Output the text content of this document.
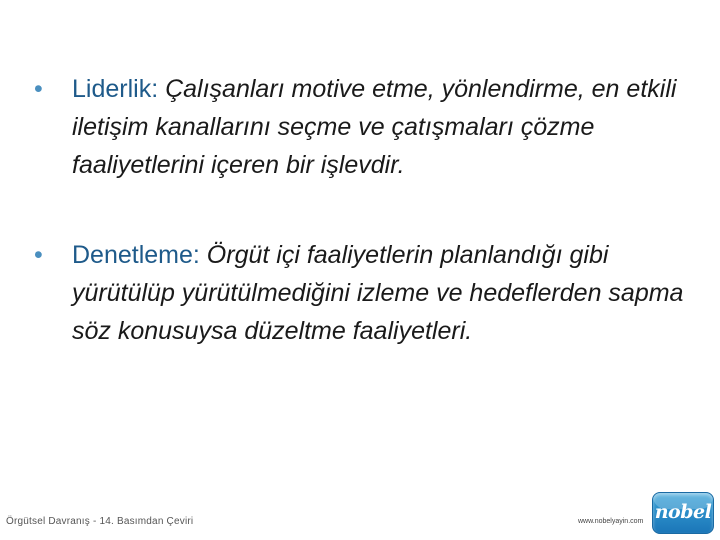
• Liderlik: Çalışanları motive etme, yönlendirme, en etkili iletişim kanallarını seçme ve çatışmaları çözme faaliyetlerini içeren bir işlevdir.
• Denetleme: Örgüt içi faaliyetlerin planlandığı gibi yürütülüp yürütülmediğini izleme ve hedeflerden sapma söz konusuysa düzeltme faaliyetleri.
Örgütsel Davranış - 14. Basımdan Çeviri	www.nobelyayin.com nobel
